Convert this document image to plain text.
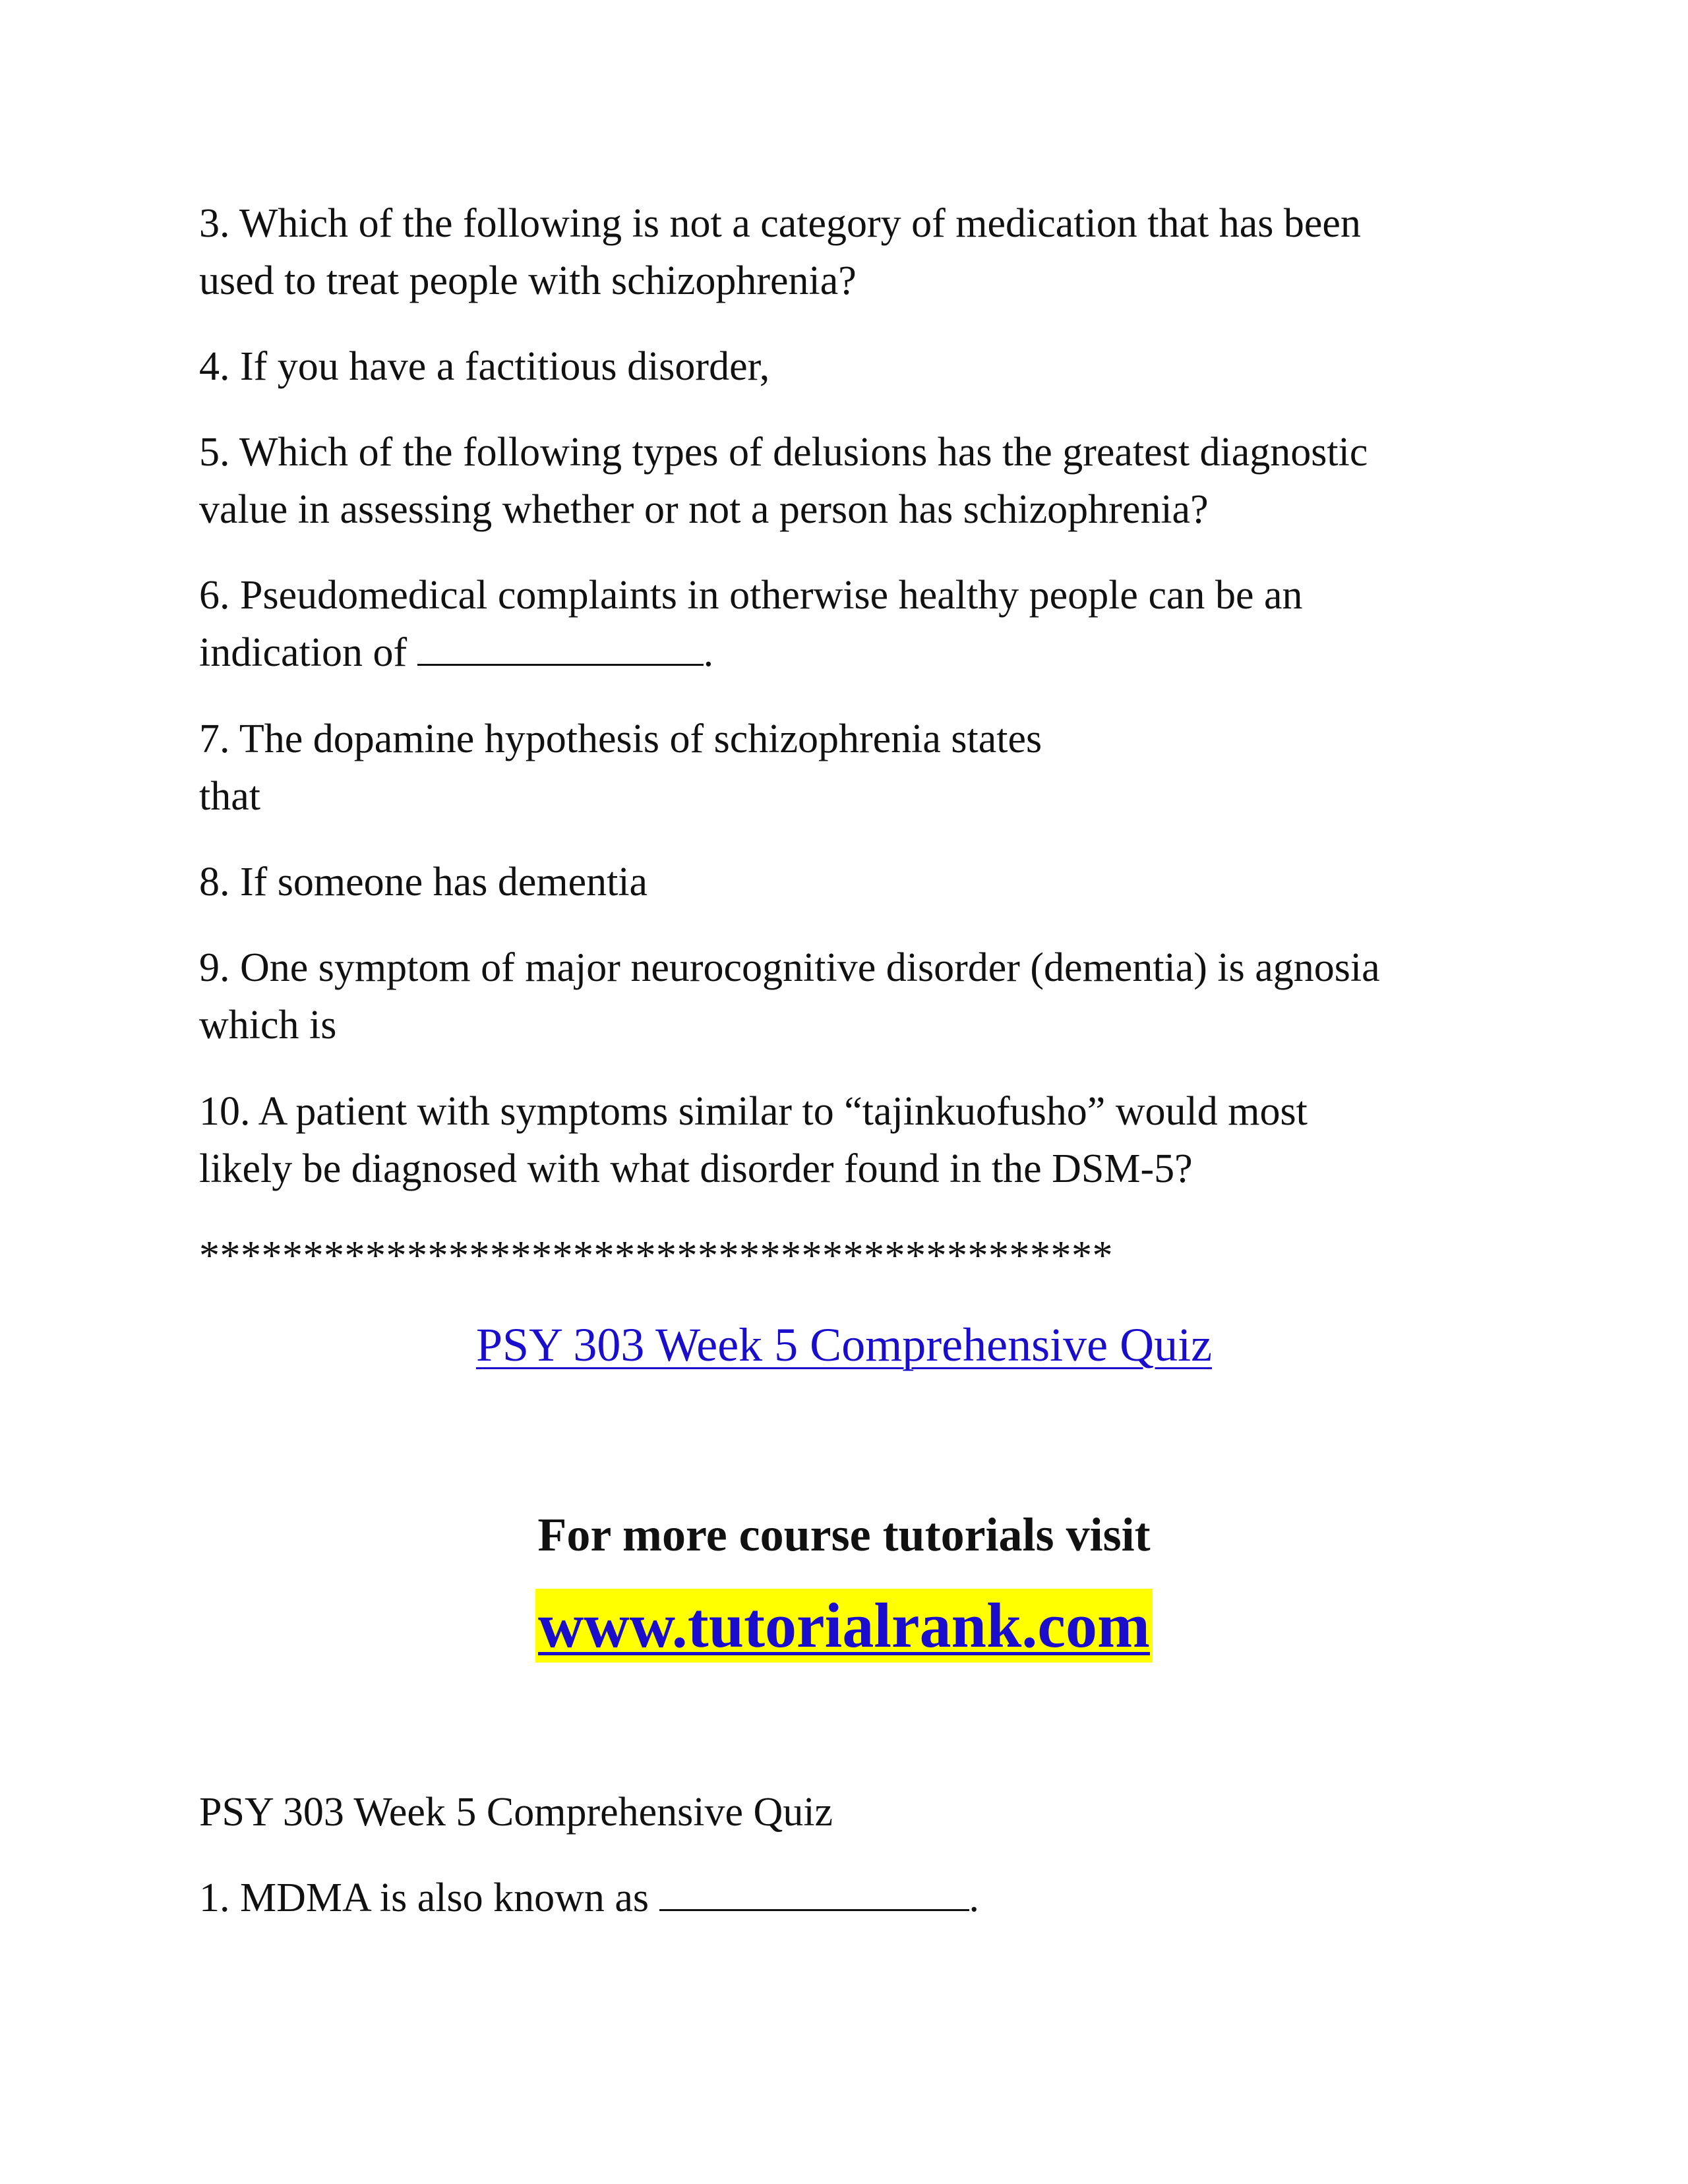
3. Which of the following is not a category of medication that has been
used to treat people with schizophrenia?

4. If you have a factitious disorder,

5. Which of the following types of delusions has the greatest diagnostic
value in assessing whether or not a person has schizophrenia?

6. Pseudomedical complaints in otherwise healthy people can be an
indication of	.

7. The dopamine hypothesis of schizophrenia states
that

8. If someone has dementia

9. One symptom of major neurocognitive disorder (dementia) is agnosia
which is

10. A patient with symptoms similar to “tajinkuofusho” would most
likely be diagnosed with what disorder found in the DSM-5?

********************************************
PSY 303 Week 5 Comprehensive Quiz
For more course tutorials visit
www.tutorialrank.com

PSY 303 Week 5 Comprehensive Quiz

1. MDMA is also known as	.
